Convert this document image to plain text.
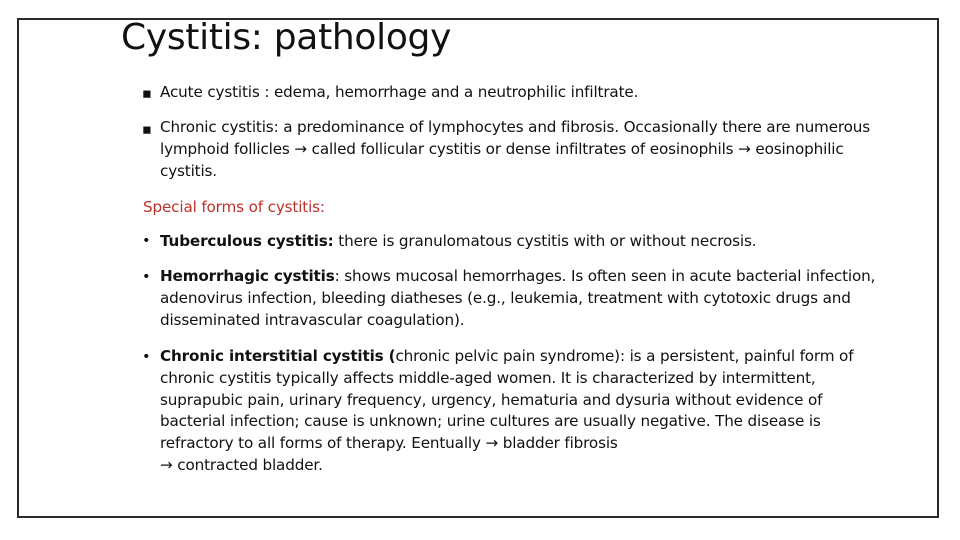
Cystitis: pathology
▪ Acute cystitis : edema, hemorrhage and a neutrophilic infiltrate.

▪ Chronic cystitis: a predominance of lymphocytes and fibrosis. Occasionally there are numerous lymphoid follicles → called follicular cystitis or dense infiltrates of eosinophils → eosinophilic cystitis.

Special forms of cystitis:

• Tuberculous cystitis: there is granulomatous cystitis with or without necrosis.

• Hemorrhagic cystitis: shows mucosal hemorrhages. Is often seen in acute bacterial infection, adenovirus infection, bleeding diatheses (e.g., leukemia, treatment with cytotoxic drugs and disseminated intravascular coagulation).

• Chronic interstitial cystitis (chronic pelvic pain syndrome): is a persistent, painful form of chronic cystitis typically affects middle-aged women. It is characterized by intermittent, suprapubic pain, urinary frequency, urgency, hematuria and dysuria without evidence of bacterial infection; cause is unknown; urine cultures are usually negative. The disease is refractory to all forms of therapy. Eentually → bladder fibrosis
→ contracted bladder.
